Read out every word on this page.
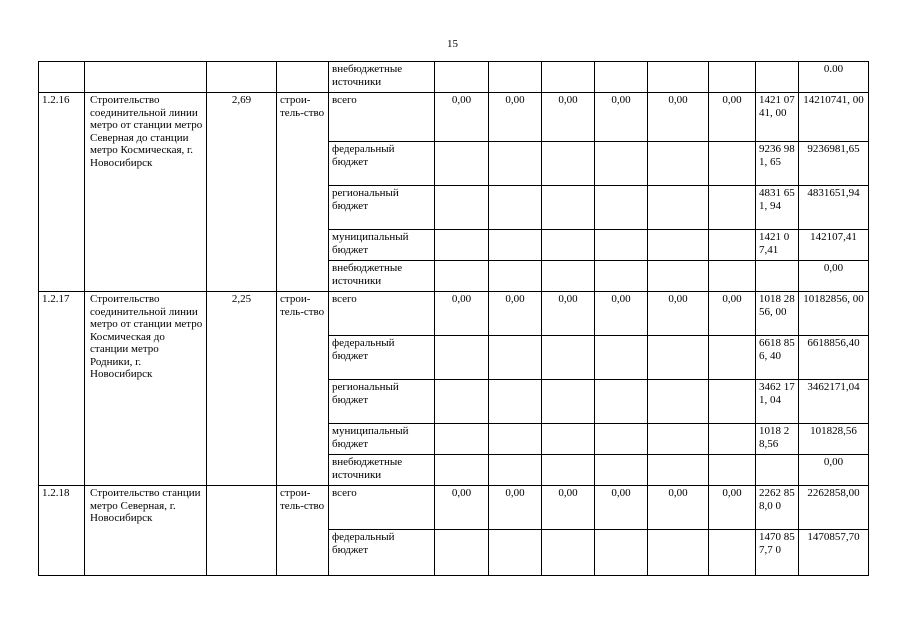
15
				внебюджетные источники								0.00
1.2.16	Строительство соединительной линии метро от станции метро Северная до станции метро Космическая, г. Новосибирск	2,69	строи-тель-ство	всего	0,00	0,00	0,00	0,00	0,00	0,00	1421 0741, 00	14210741, 00
				федеральный бюджет							9236 981, 65	9236981,65
				региональный бюджет							4831 651, 94	4831651,94
				муниципальный бюджет							1421 07,41	142107,41
				внебюджетные источники								0,00
1.2.17	Строительство соединительной линии метро от станции метро Космическая до станции метро Родники, г. Новосибирск	2,25	строи-тель-ство	всего	0,00	0,00	0,00	0,00	0,00	0,00	1018 2856, 00	10182856, 00
				федеральный бюджет							6618 856, 40	6618856,40
				региональный бюджет							3462 171, 04	3462171,04
				муниципальный бюджет							1018 28,56	101828,56
				внебюджетные источники								0,00
1.2.18	Строительство станции метро Северная, г. Новосибирск		строи-тель-ство	всего	0,00	0,00	0,00	0,00	0,00	0,00	2262 858,0 0	2262858,00
				федеральный бюджет							1470 857,7 0	1470857,70
